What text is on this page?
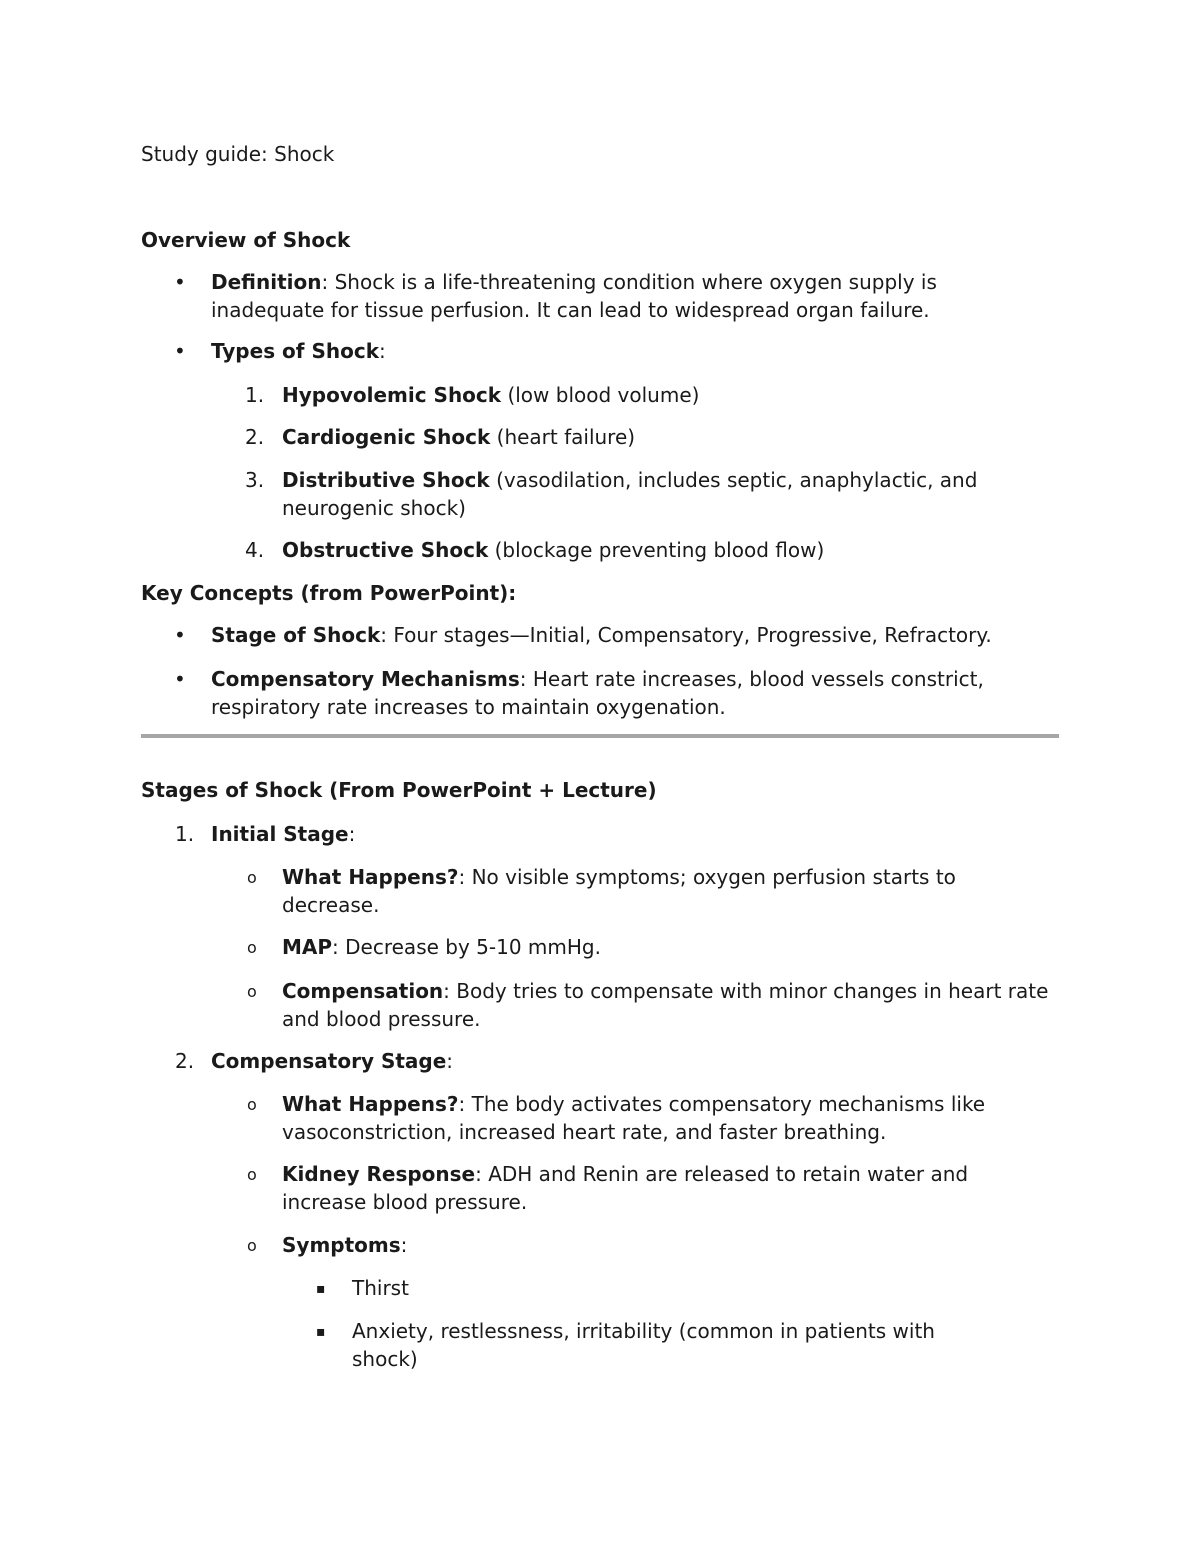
Study guide: Shock
Overview of Shock
• Definition: Shock is a life-threatening condition where oxygen supply is inadequate for tissue perfusion. It can lead to widespread organ failure.
• Types of Shock:
1. Hypovolemic Shock (low blood volume)
2. Cardiogenic Shock (heart failure)
3. Distributive Shock (vasodilation, includes septic, anaphylactic, and neurogenic shock)
4. Obstructive Shock (blockage preventing blood flow)
Key Concepts (from PowerPoint):
• Stage of Shock: Four stages—Initial, Compensatory, Progressive, Refractory.
• Compensatory Mechanisms: Heart rate increases, blood vessels constrict, respiratory rate increases to maintain oxygenation.
Stages of Shock (From PowerPoint + Lecture)
1. Initial Stage:
o What Happens?: No visible symptoms; oxygen perfusion starts to decrease.
o MAP: Decrease by 5-10 mmHg.
o Compensation: Body tries to compensate with minor changes in heart rate and blood pressure.
2. Compensatory Stage:
o What Happens?: The body activates compensatory mechanisms like vasoconstriction, increased heart rate, and faster breathing.
o Kidney Response: ADH and Renin are released to retain water and increase blood pressure.
o Symptoms:
▪ Thirst
▪ Anxiety, restlessness, irritability (common in patients with shock)
